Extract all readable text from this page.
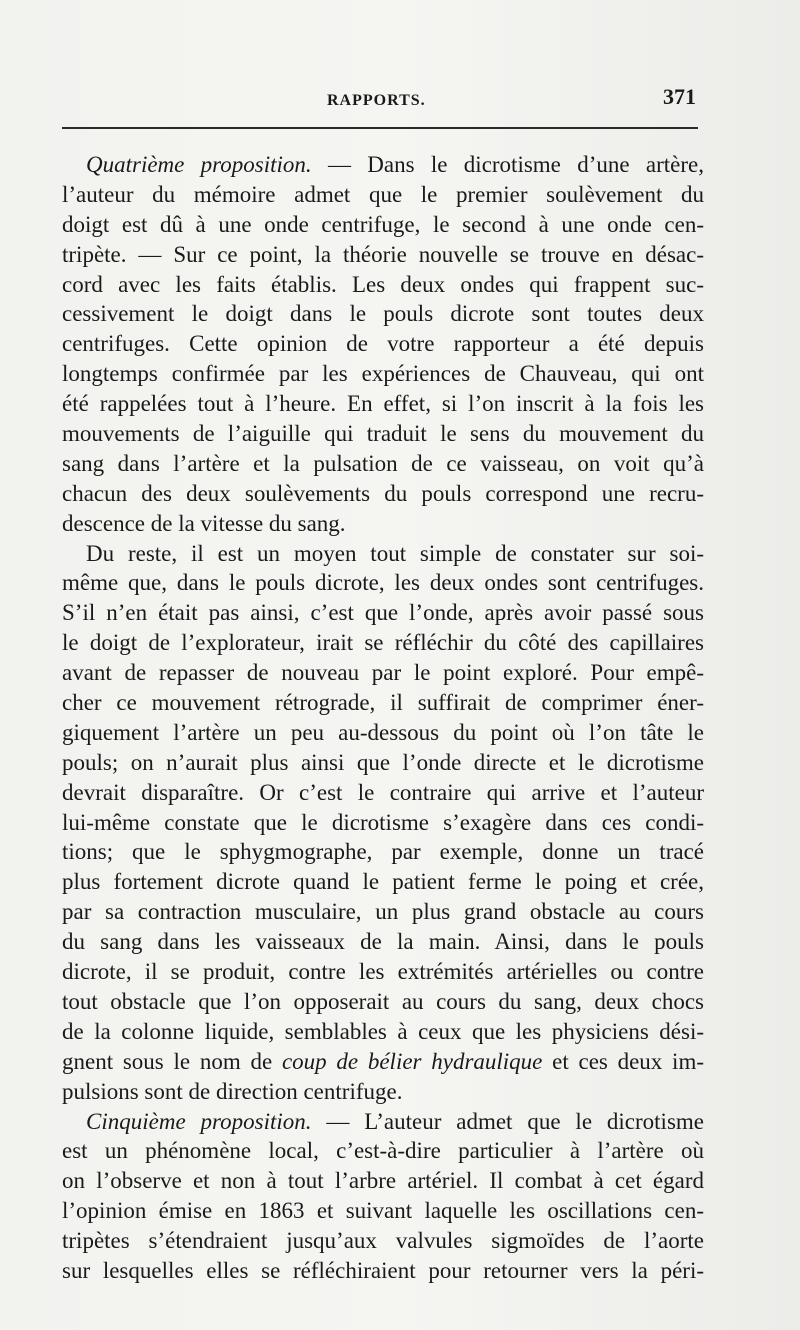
RAPPORTS.	371
Quatrième proposition. — Dans le dicrotisme d’une artère,
l’auteur du mémoire admet que le premier soulèvement du
doigt est dû à une onde centrifuge, le second à une onde cen-
tripète. — Sur ce point, la théorie nouvelle se trouve en désac-
cord avec les faits établis. Les deux ondes qui frappent suc-
cessivement le doigt dans le pouls dicrote sont toutes deux
centrifuges. Cette opinion de votre rapporteur a été depuis
longtemps confirmée par les expériences de Chauveau, qui ont
été rappelées tout à l’heure. En effet, si l’on inscrit à la fois les
mouvements de l’aiguille qui traduit le sens du mouvement du
sang dans l’artère et la pulsation de ce vaisseau, on voit qu’à
chacun des deux soulèvements du pouls correspond une recru-
descence de la vitesse du sang.
Du reste, il est un moyen tout simple de constater sur soi-
même que, dans le pouls dicrote, les deux ondes sont centrifuges.
S’il n’en était pas ainsi, c’est que l’onde, après avoir passé sous
le doigt de l’explorateur, irait se réfléchir du côté des capillaires
avant de repasser de nouveau par le point exploré. Pour empê-
cher ce mouvement rétrograde, il suffirait de comprimer éner-
giquement l’artère un peu au-dessous du point où l’on tâte le
pouls; on n’aurait plus ainsi que l’onde directe et le dicrotisme
devrait disparaître. Or c’est le contraire qui arrive et l’auteur
lui-même constate que le dicrotisme s’exagère dans ces condi-
tions; que le sphygmographe, par exemple, donne un tracé
plus fortement dicrote quand le patient ferme le poing et crée,
par sa contraction musculaire, un plus grand obstacle au cours
du sang dans les vaisseaux de la main. Ainsi, dans le pouls
dicrote, il se produit, contre les extrémités artérielles ou contre
tout obstacle que l’on opposerait au cours du sang, deux chocs
de la colonne liquide, semblables à ceux que les physiciens dési-
gnent sous le nom de coup de bélier hydraulique et ces deux im-
pulsions sont de direction centrifuge.
Cinquième proposition. — L’auteur admet que le dicrotisme
est un phénomène local, c’est-à-dire particulier à l’artère où
on l’observe et non à tout l’arbre artériel. Il combat à cet égard
l’opinion émise en 1863 et suivant laquelle les oscillations cen-
tripètes s’étendraient jusqu’aux valvules sigmoïdes de l’aorte
sur lesquelles elles se réfléchiraient pour retourner vers la péri-
